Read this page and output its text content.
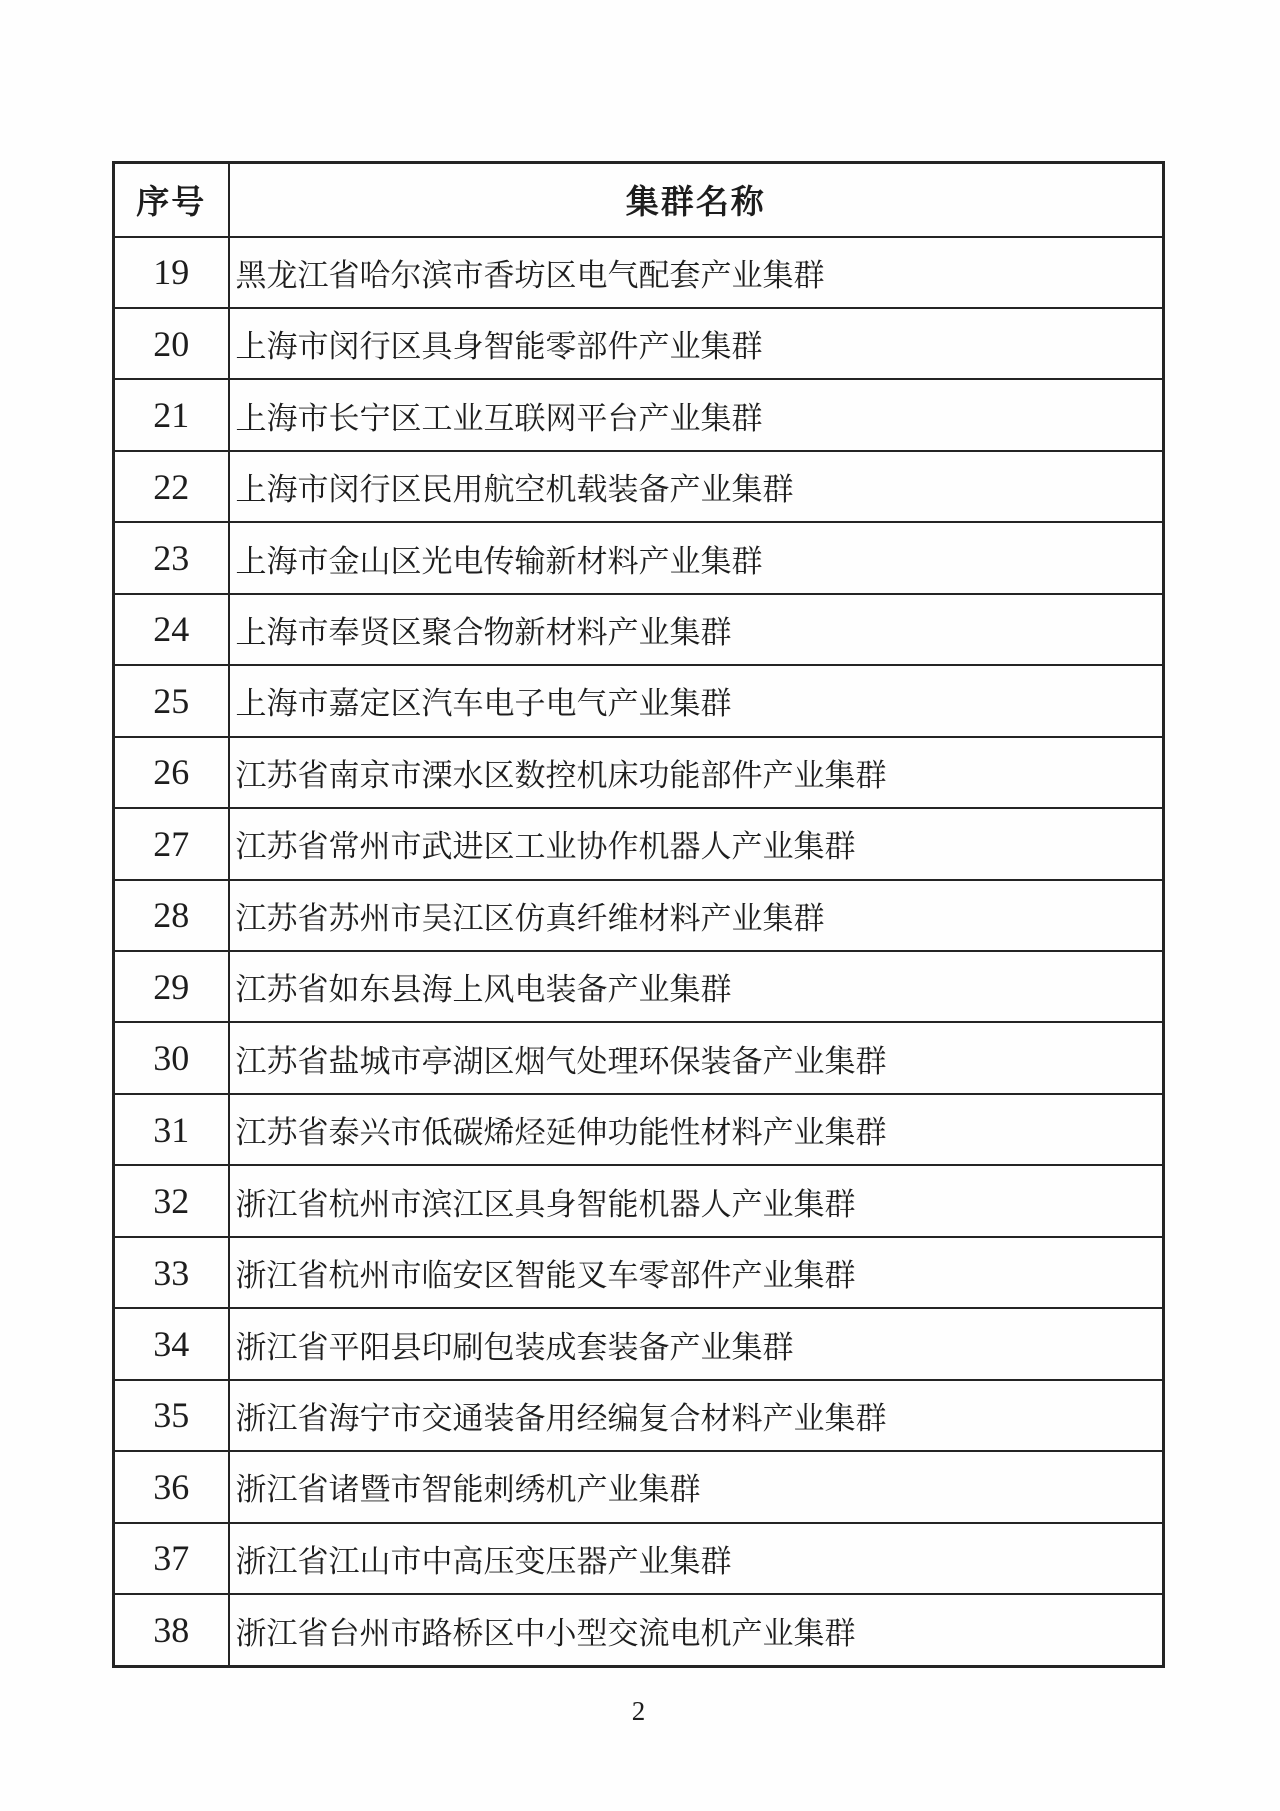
序号	集群名称
19	黑龙江省哈尔滨市香坊区电气配套产业集群
20	上海市闵行区具身智能零部件产业集群
21	上海市长宁区工业互联网平台产业集群
22	上海市闵行区民用航空机载装备产业集群
23	上海市金山区光电传输新材料产业集群
24	上海市奉贤区聚合物新材料产业集群
25	上海市嘉定区汽车电子电气产业集群
26	江苏省南京市溧水区数控机床功能部件产业集群
27	江苏省常州市武进区工业协作机器人产业集群
28	江苏省苏州市吴江区仿真纤维材料产业集群
29	江苏省如东县海上风电装备产业集群
30	江苏省盐城市亭湖区烟气处理环保装备产业集群
31	江苏省泰兴市低碳烯烃延伸功能性材料产业集群
32	浙江省杭州市滨江区具身智能机器人产业集群
33	浙江省杭州市临安区智能叉车零部件产业集群
34	浙江省平阳县印刷包装成套装备产业集群
35	浙江省海宁市交通装备用经编复合材料产业集群
36	浙江省诸暨市智能刺绣机产业集群
37	浙江省江山市中高压变压器产业集群
38	浙江省台州市路桥区中小型交流电机产业集群
2
